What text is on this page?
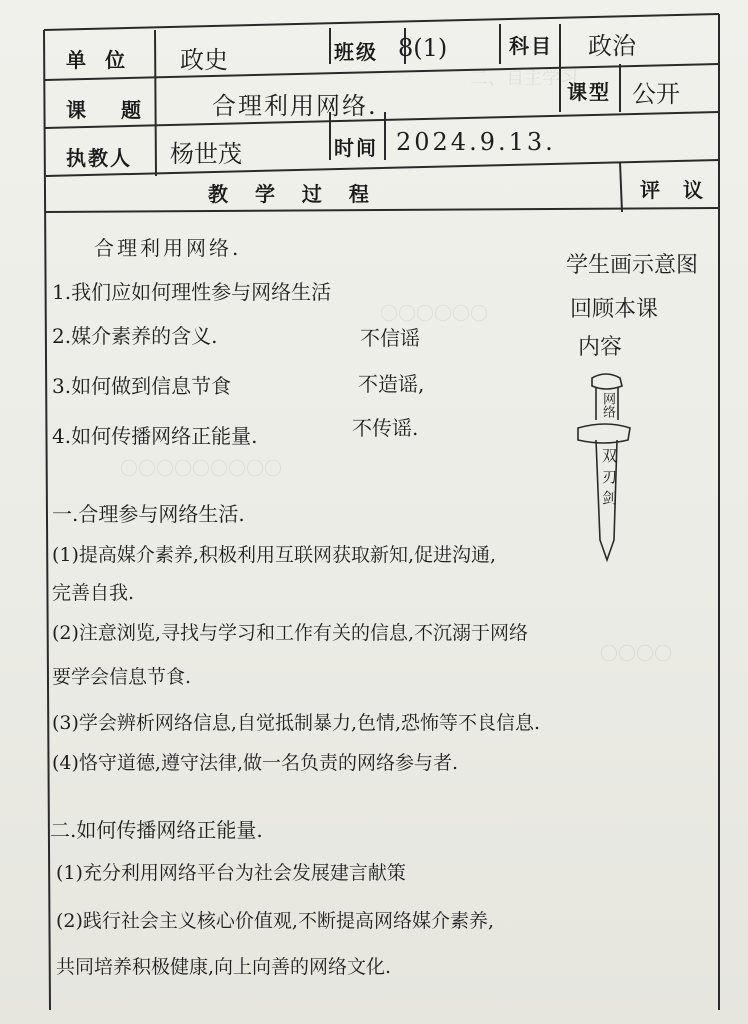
二、自主学习
〇〇〇〇〇〇
〇〇〇〇〇〇〇〇〇
〇〇〇〇
单 位 政史	班级 8(1)	科目 政治
课 题 合理利用网络.	课型 公开
执教人 杨世茂	时间 2024.9.13.
教 学 过 程	评 议
合理利用网络.
1.我们应如何理性参与网络生活
2.媒介素养的含义.
3.如何做到信息节食
4.如何传播网络正能量.
不信谣
不造谣,
不传谣.
一.合理参与网络生活.
(1)提高媒介素养,积极利用互联网获取新知,促进沟通,
完善自我.
(2)注意浏览,寻找与学习和工作有关的信息,不沉溺于网络
要学会信息节食.
(3)学会辨析网络信息,自觉抵制暴力,色情,恐怖等不良信息.
(4)恪守道德,遵守法律,做一名负责的网络参与者.
二.如何传播网络正能量.
(1)充分利用网络平台为社会发展建言献策
(2)践行社会主义核心价值观,不断提高网络媒介素养,
共同培养积极健康,向上向善的网络文化.
学生画示意图
回顾本课
内容
网络
双刃剑
